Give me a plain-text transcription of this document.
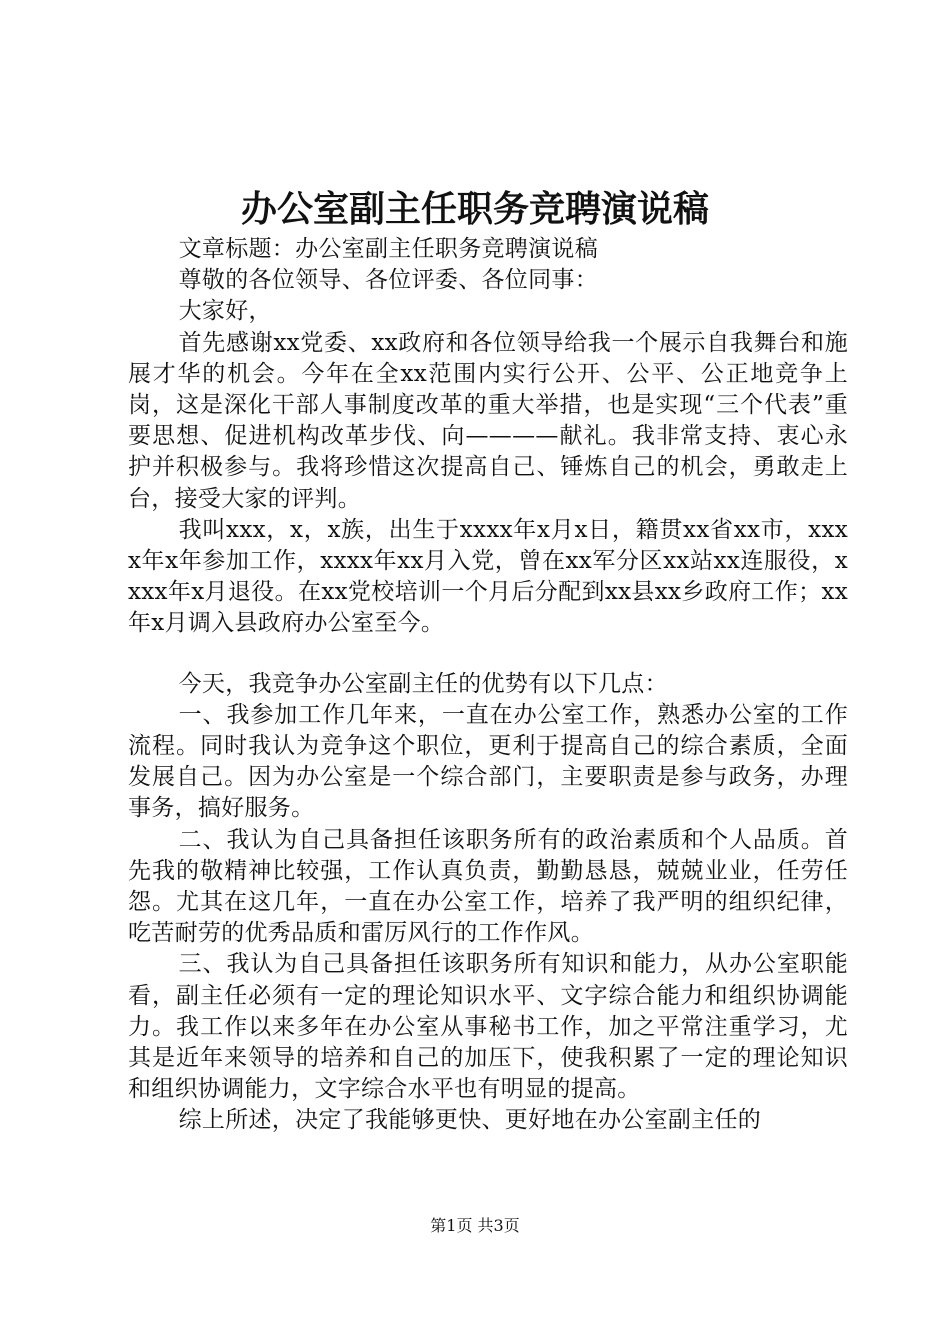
办公室副主任职务竞聘演说稿

文章标题：办公室副主任职务竞聘演说稿

尊敬的各位领导、各位评委、各位同事：

大家好，

首先感谢xx党委、xx政府和各位领导给我一个展示自我舞台和施展才华的机会。今年在全xx范围内实行公开、公平、公正地竞争上岗，这是深化干部人事制度改革的重大举措，也是实现“三个代表”重要思想、促进机构改革步伐、向————献礼。我非常支持、衷心永护并积极参与。我将珍惜这次提高自己、锤炼自己的机会，勇敢走上台，接受大家的评判。

我叫xxx，x，x族，出生于xxxx年x月x日，籍贯xx省xx市，xxxx年x年参加工作，xxxx年xx月入党，曾在xx军分区xx站xx连服役，xxxx年x月退役。在xx党校培训一个月后分配到xx县xx乡政府工作；xx年x月调入县政府办公室至今。

今天，我竞争办公室副主任的优势有以下几点：

一、我参加工作几年来，一直在办公室工作，熟悉办公室的工作流程。同时我认为竞争这个职位，更利于提高自己的综合素质，全面发展自己。因为办公室是一个综合部门，主要职责是参与政务，办理事务，搞好服务。

二、我认为自己具备担任该职务所有的政治素质和个人品质。首先我的敬精神比较强，工作认真负责，勤勤恳恳，兢兢业业，任劳任怨。尤其在这几年，一直在办公室工作，培养了我严明的组织纪律，吃苦耐劳的优秀品质和雷厉风行的工作作风。

三、我认为自己具备担任该职务所有知识和能力，从办公室职能看，副主任必须有一定的理论知识水平、文字综合能力和组织协调能力。我工作以来多年在办公室从事秘书工作，加之平常注重学习，尤其是近年来领导的培养和自己的加压下，使我积累了一定的理论知识和组织协调能力，文字综合水平也有明显的提高。

综上所述，决定了我能够更快、更好地在办公室副主任的

第1页 共3页
